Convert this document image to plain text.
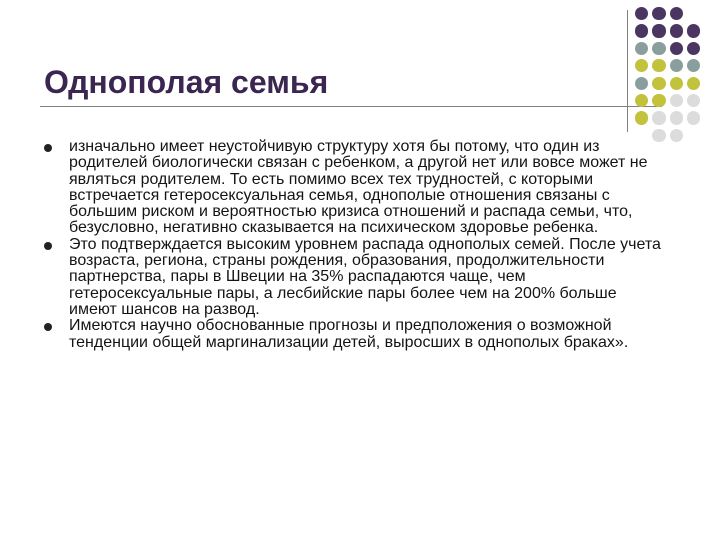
Однополая семья
изначально имеет неустойчивую структуру хотя бы потому, что один из родителей биологически связан с ребенком, а другой нет или вовсе может не являться родителем. То есть помимо всех тех трудностей, с которыми встречается гетеросексуальная семья, однополые отношения связаны с большим риском и вероятностью кризиса отношений и распада семьи, что, безусловно, негативно сказывается на психическом здоровье ребенка.
Это подтверждается высоким уровнем распада однополых семей. После учета возраста, региона, страны рождения, образования, продолжительности партнерства, пары в Швеции на 35% распадаются чаще, чем гетеросексуальные пары, а лесбийские пары более чем на 200% больше имеют шансов на развод.
Имеются научно обоснованные прогнозы и предположения о возможной тенденции общей маргинализации детей, выросших в однополых браках».
